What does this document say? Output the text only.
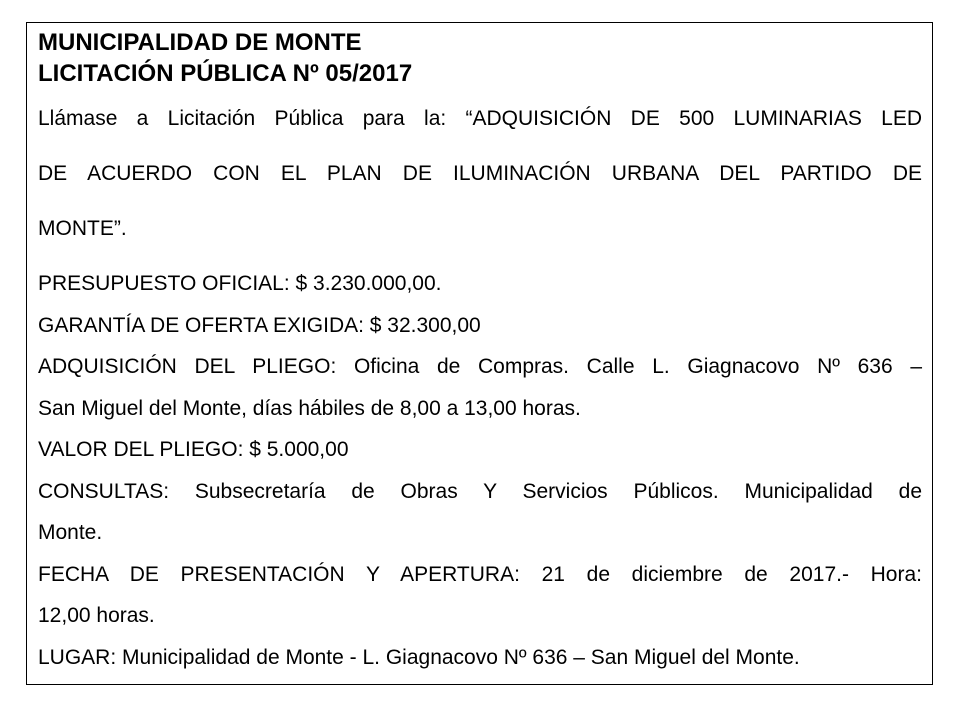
MUNICIPALIDAD DE MONTE
LICITACIÓN PÚBLICA Nº 05/2017
Llámase a Licitación Pública para la: “ADQUISICIÓN DE 500 LUMINARIAS LED
DE ACUERDO CON EL PLAN DE ILUMINACIÓN URBANA DEL PARTIDO DE
MONTE”.
PRESUPUESTO OFICIAL: $ 3.230.000,00.
GARANTÍA DE OFERTA EXIGIDA: $ 32.300,00
ADQUISICIÓN DEL PLIEGO: Oficina de Compras. Calle L. Giagnacovo Nº 636 –
San Miguel del Monte, días hábiles de 8,00 a 13,00 horas.
VALOR DEL PLIEGO: $ 5.000,00
CONSULTAS: Subsecretaría de Obras Y Servicios Públicos. Municipalidad de
Monte.
FECHA DE PRESENTACIÓN Y APERTURA: 21 de diciembre de 2017.- Hora:
12,00 horas.
LUGAR: Municipalidad de Monte - L. Giagnacovo Nº 636 – San Miguel del Monte.
